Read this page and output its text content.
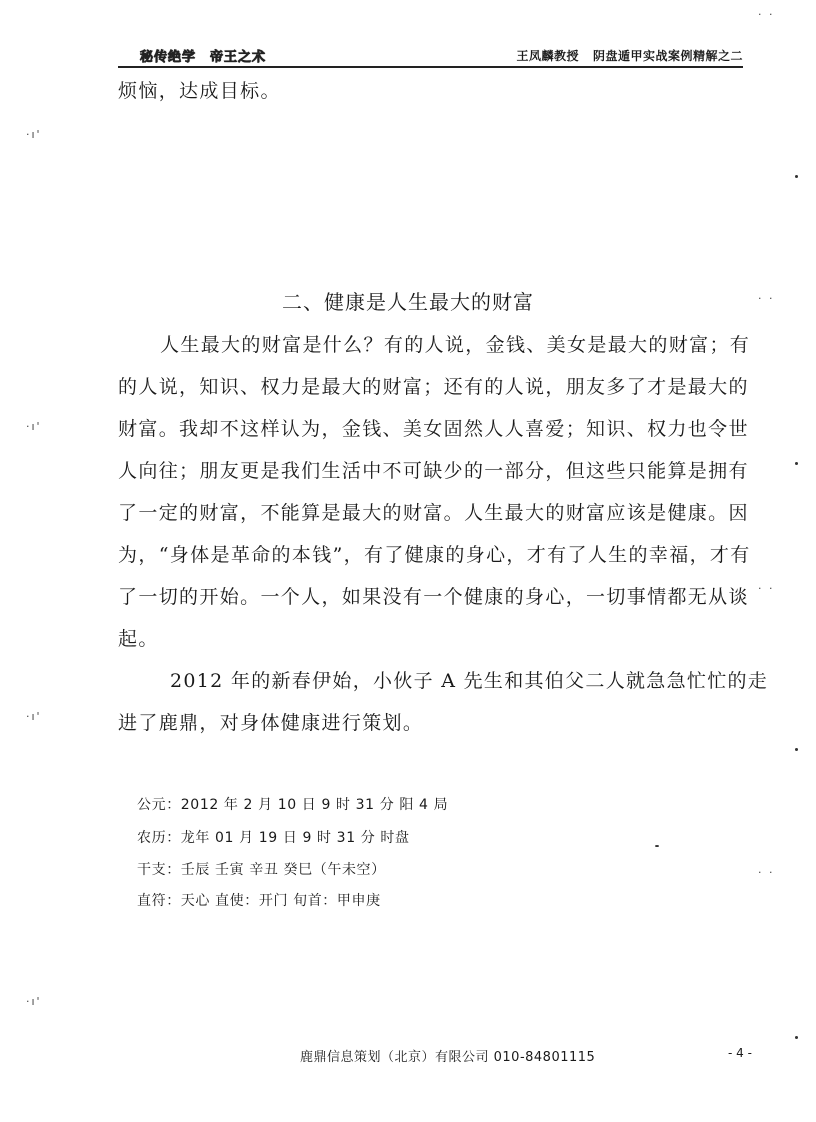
秘传绝学 帝王之术	王凤麟教授 阴盘遁甲实战案例精解之二
烦恼，达成目标。
二、健康是人生最大的财富
人生最大的财富是什么？有的人说，金钱、美女是最大的财富；有
的人说，知识、权力是最大的财富；还有的人说，朋友多了才是最大的
财富。我却不这样认为，金钱、美女固然人人喜爱；知识、权力也令世
人向往；朋友更是我们生活中不可缺少的一部分，但这些只能算是拥有
了一定的财富，不能算是最大的财富。人生最大的财富应该是健康。因
为，“身体是革命的本钱”，有了健康的身心，才有了人生的幸福，才有
了一切的开始。一个人，如果没有一个健康的身心，一切事情都无从谈
起。
2012 年的新春伊始，小伙子 A 先生和其伯父二人就急急忙忙的走
进了鹿鼎，对身体健康进行策划。
公元：2012 年 2 月 10 日 9 时 31 分 阳 4 局
农历：龙年 01 月 19 日 9 时 31 分 时盘
干支：壬辰 壬寅 辛丑 癸巳（午未空）
直符：天心 直使：开门 旬首：甲申庚
鹿鼎信息策划（北京）有限公司 010-84801115	- 4 -
·ı'
·ı'
·ı'
·ı'
· ·
· ·
· ·
· ·
